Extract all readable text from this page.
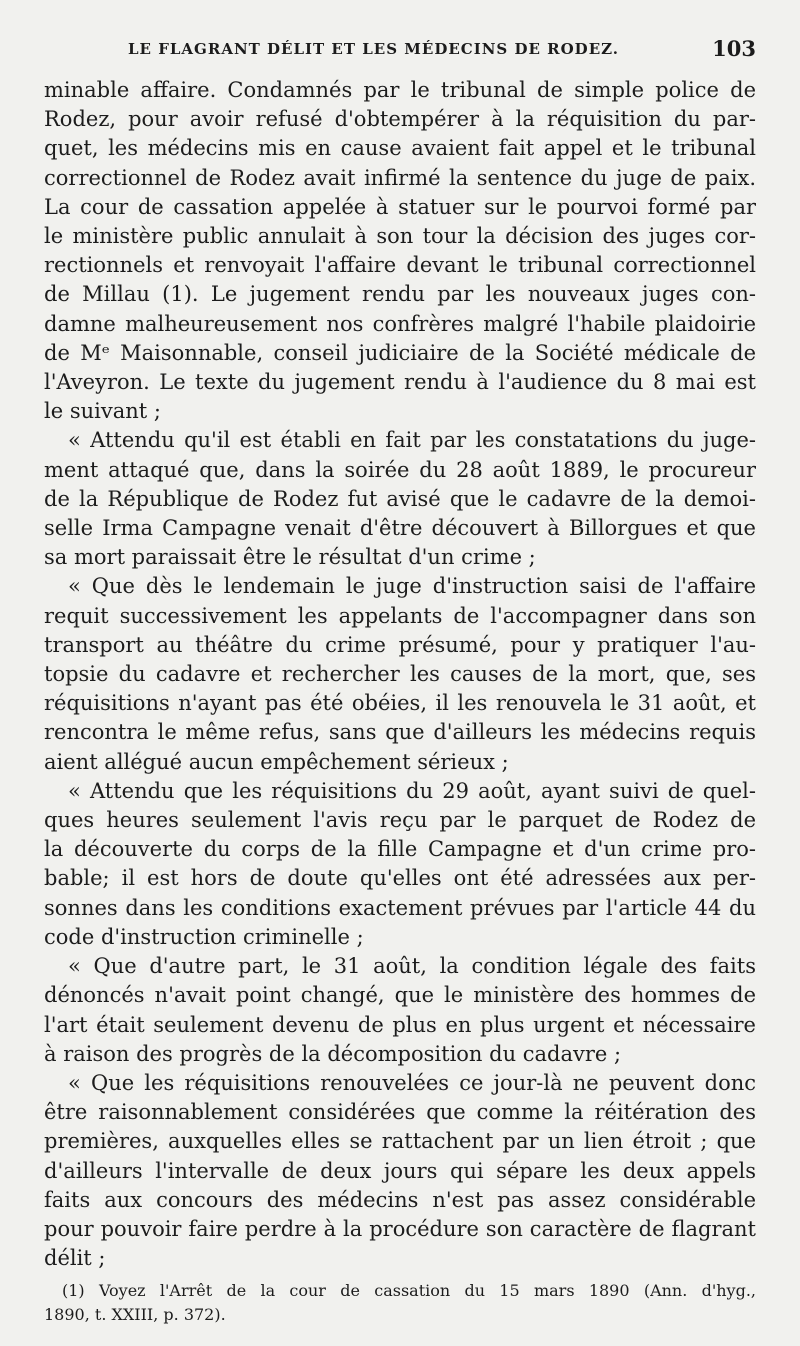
LE FLAGRANT DÉLIT ET LES MÉDECINS DE RODEZ.	103
minable affaire. Condamnés par le tribunal de simple police de
Rodez, pour avoir refusé d'obtempérer à la réquisition du par-
quet, les médecins mis en cause avaient fait appel et le tribunal
correctionnel de Rodez avait infirmé la sentence du juge de paix.
La cour de cassation appelée à statuer sur le pourvoi formé par
le ministère public annulait à son tour la décision des juges cor-
rectionnels et renvoyait l'affaire devant le tribunal correctionnel
de Millau (1). Le jugement rendu par les nouveaux juges con-
damne malheureusement nos confrères malgré l'habile plaidoirie
de Mᵉ Maisonnable, conseil judiciaire de la Société médicale de
l'Aveyron. Le texte du jugement rendu à l'audience du 8 mai est
le suivant ;
« Attendu qu'il est établi en fait par les constatations du juge-
ment attaqué que, dans la soirée du 28 août 1889, le procureur
de la République de Rodez fut avisé que le cadavre de la demoi-
selle Irma Campagne venait d'être découvert à Billorgues et que
sa mort paraissait être le résultat d'un crime ;
« Que dès le lendemain le juge d'instruction saisi de l'affaire
requit successivement les appelants de l'accompagner dans son
transport au théâtre du crime présumé, pour y pratiquer l'au-
topsie du cadavre et rechercher les causes de la mort, que, ses
réquisitions n'ayant pas été obéies, il les renouvela le 31 août, et
rencontra le même refus, sans que d'ailleurs les médecins requis
aient allégué aucun empêchement sérieux ;
« Attendu que les réquisitions du 29 août, ayant suivi de quel-
ques heures seulement l'avis reçu par le parquet de Rodez de
la découverte du corps de la fille Campagne et d'un crime pro-
bable; il est hors de doute qu'elles ont été adressées aux per-
sonnes dans les conditions exactement prévues par l'article 44 du
code d'instruction criminelle ;
« Que d'autre part, le 31 août, la condition légale des faits
dénoncés n'avait point changé, que le ministère des hommes de
l'art était seulement devenu de plus en plus urgent et nécessaire
à raison des progrès de la décomposition du cadavre ;
« Que les réquisitions renouvelées ce jour-là ne peuvent donc
être raisonnablement considérées que comme la réitération des
premières, auxquelles elles se rattachent par un lien étroit ; que
d'ailleurs l'intervalle de deux jours qui sépare les deux appels
faits aux concours des médecins n'est pas assez considérable
pour pouvoir faire perdre à la procédure son caractère de flagrant
délit ;
(1) Voyez l'Arrêt de la cour de cassation du 15 mars 1890 (Ann. d'hyg.,
1890, t. XXIII, p. 372).
